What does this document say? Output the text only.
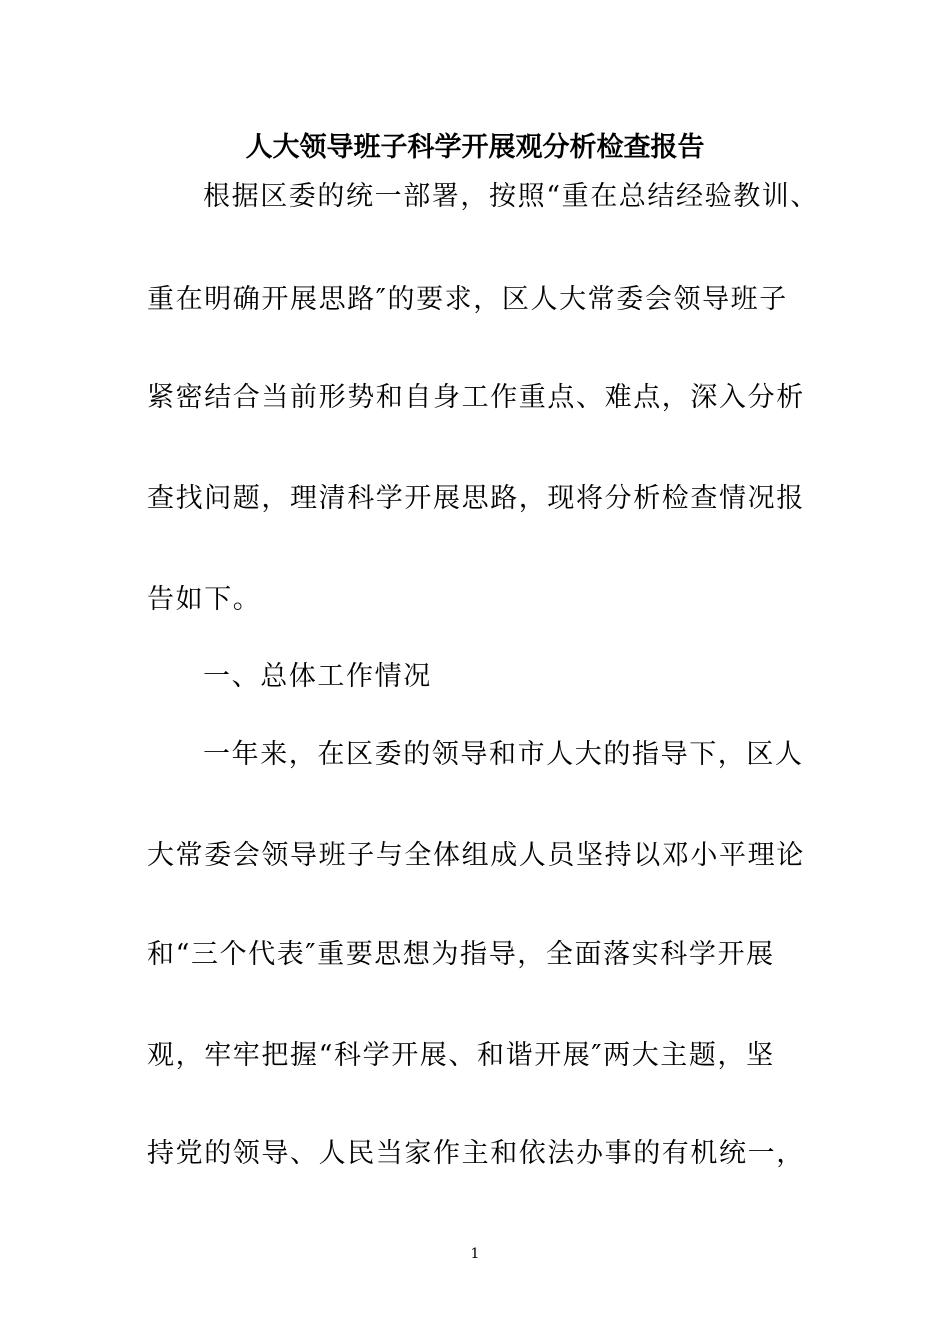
人大领导班子科学开展观分析检查报告
根据区委的统一部署，按照“重在总结经验教训、
重在明确开展思路″的要求，区人大常委会领导班子
紧密结合当前形势和自身工作重点、难点，深入分析
查找问题，理清科学开展思路，现将分析检查情况报
告如下。
一、总体工作情况
一年来，在区委的领导和市人大的指导下，区人
大常委会领导班子与全体组成人员坚持以邓小平理论
和“三个代表″重要思想为指导，全面落实科学开展
观，牢牢把握“科学开展、和谐开展″两大主题，坚
持党的领导、人民当家作主和依法办事的有机统一，
1
